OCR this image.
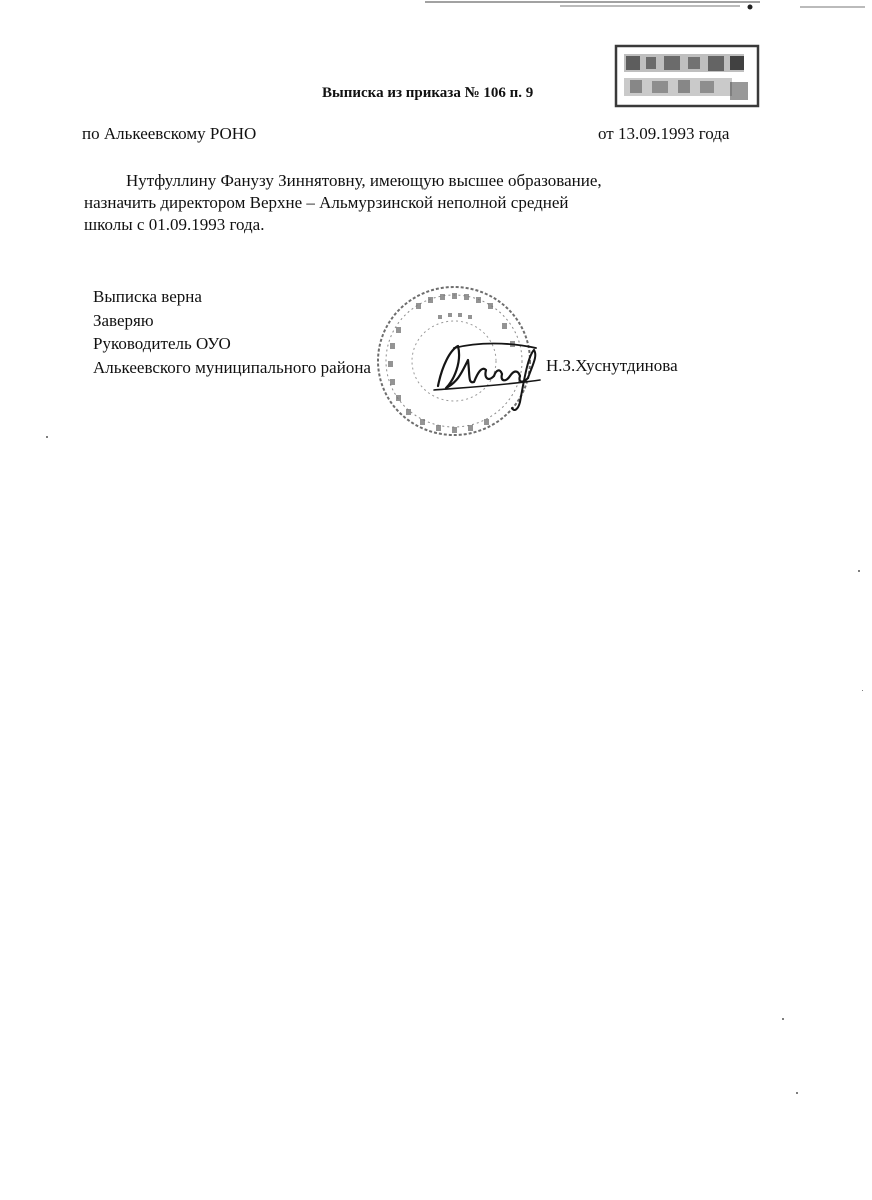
Выписка из приказа № 106 п. 9
по Алькеевскому РОНО	от 13.09.1993 года
Нутфуллину Фанузу Зиннятовну, имеющую высшее образование,
назначить директором Верхне – Альмурзинской неполной средней
школы с 01.09.1993 года.
Выписка верна
Заверяю
Руководитель ОУО
Алькеевского муниципального района	Н.З.Хуснутдинова
